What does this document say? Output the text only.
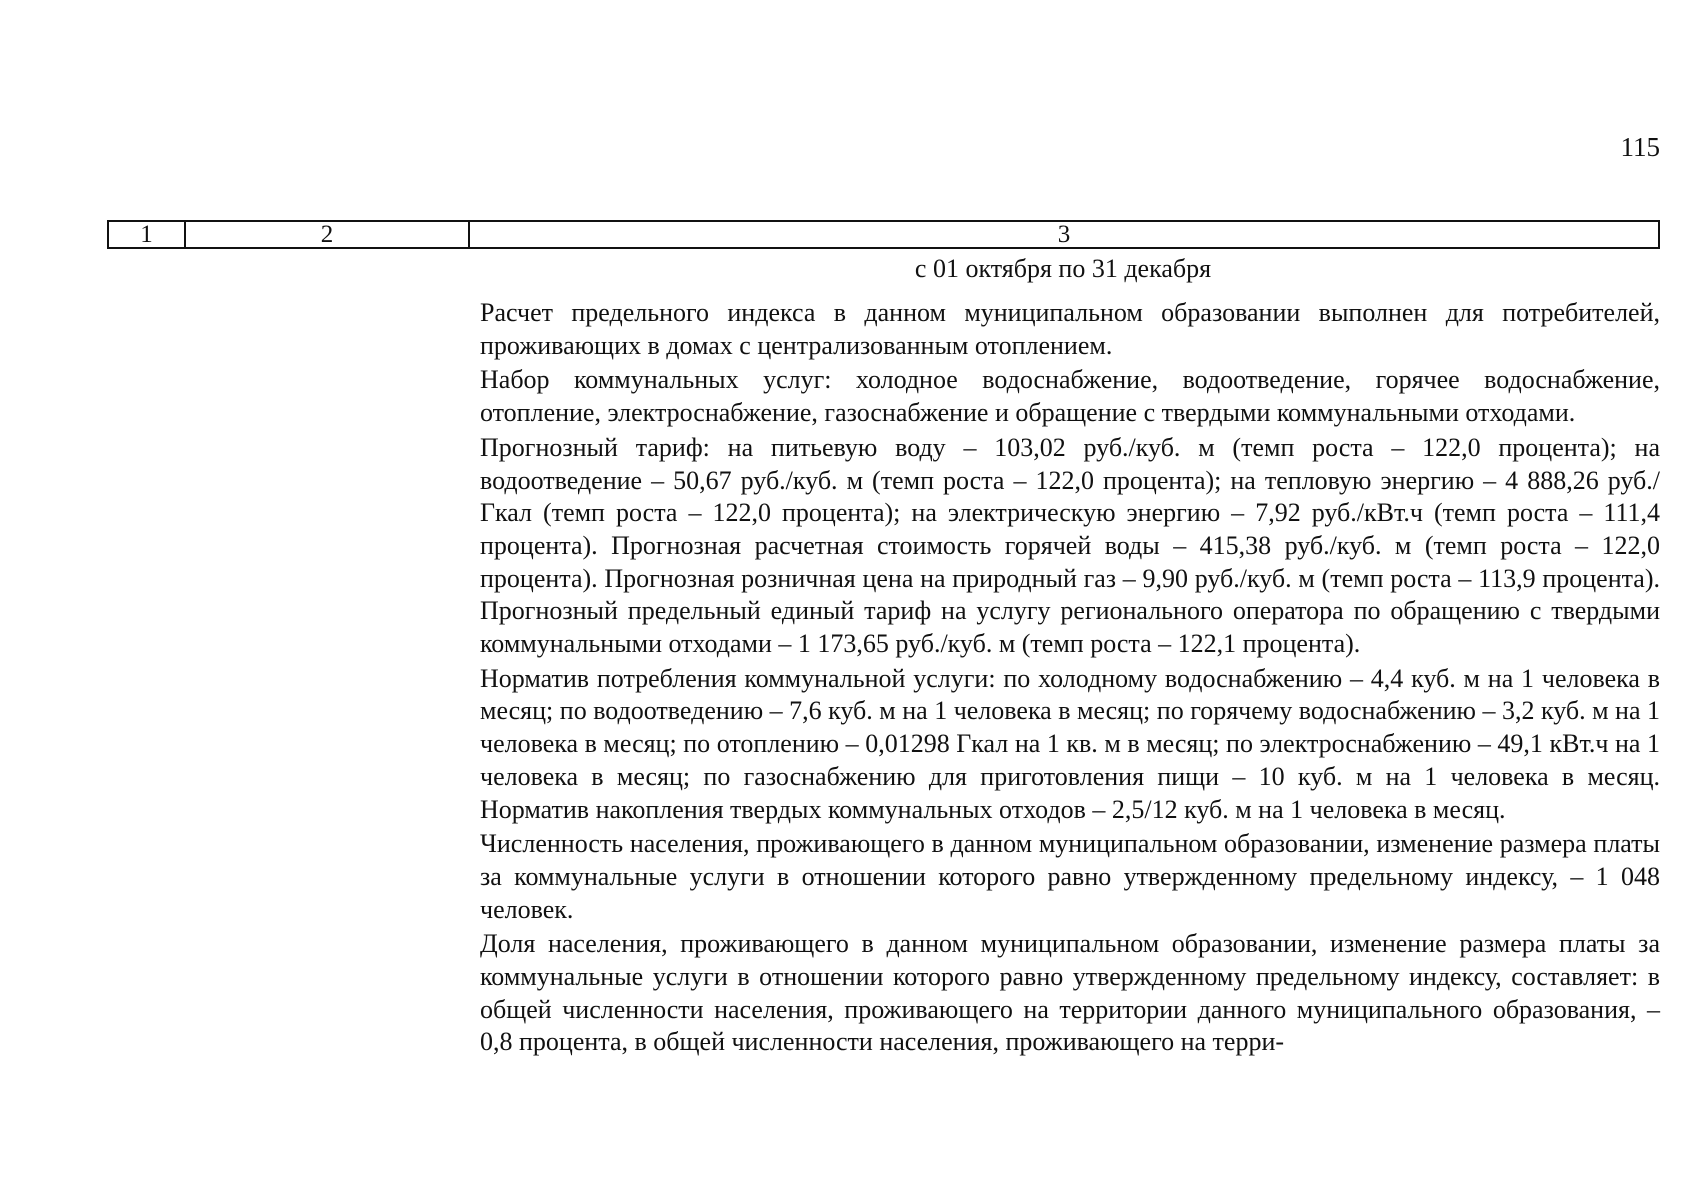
115
1	2	3
с 01 октября по 31 декабря

Расчет предельного индекса в данном муниципальном образовании выполнен для потребителей, проживающих в домах с централизованным отоплением.

Набор коммунальных услуг: холодное водоснабжение, водоотведение, горячее водоснабжение, отопление, электроснабжение, газоснабжение и обращение с твердыми коммунальными отходами.

Прогнозный тариф: на питьевую воду – 103,02 руб./куб. м (темп роста – 122,0 процента); на водоотведение – 50,67 руб./куб. м (темп роста – 122,0 процента); на тепловую энергию – 4 888,26 руб./Гкал (темп роста – 122,0 процента); на электрическую энергию – 7,92 руб./кВт.ч (темп роста – 111,4 процента). Прогнозная расчетная стоимость горячей воды – 415,38 руб./куб. м (темп роста – 122,0 процента). Прогнозная розничная цена на природный газ – 9,90 руб./куб. м (темп роста – 113,9 процента). Прогнозный предельный единый тариф на услугу регионального оператора по обращению с твердыми коммунальными отходами – 1 173,65 руб./куб. м (темп роста – 122,1 процента).

Норматив потребления коммунальной услуги: по холодному водоснабжению – 4,4 куб. м на 1 человека в месяц; по водоотведению – 7,6 куб. м на 1 человека в месяц; по горячему водоснабжению – 3,2 куб. м на 1 человека в месяц; по отоплению – 0,01298 Гкал на 1 кв. м в месяц; по электроснабжению – 49,1 кВт.ч на 1 человека в месяц; по газоснабжению для приготовления пищи – 10 куб. м на 1 человека в месяц. Норматив накопления твердых коммунальных отходов – 2,5/12 куб. м на 1 человека в месяц.

Численность населения, проживающего в данном муниципальном образовании, изменение размера платы за коммунальные услуги в отношении которого равно утвержденному предельному индексу, – 1 048 человек.

Доля населения, проживающего в данном муниципальном образовании, изменение размера платы за коммунальные услуги в отношении которого равно утвержденному предельному индексу, составляет: в общей численности населения, проживающего на территории данного муниципального образования, – 0,8 процента, в общей численности населения, проживающего на терри-
